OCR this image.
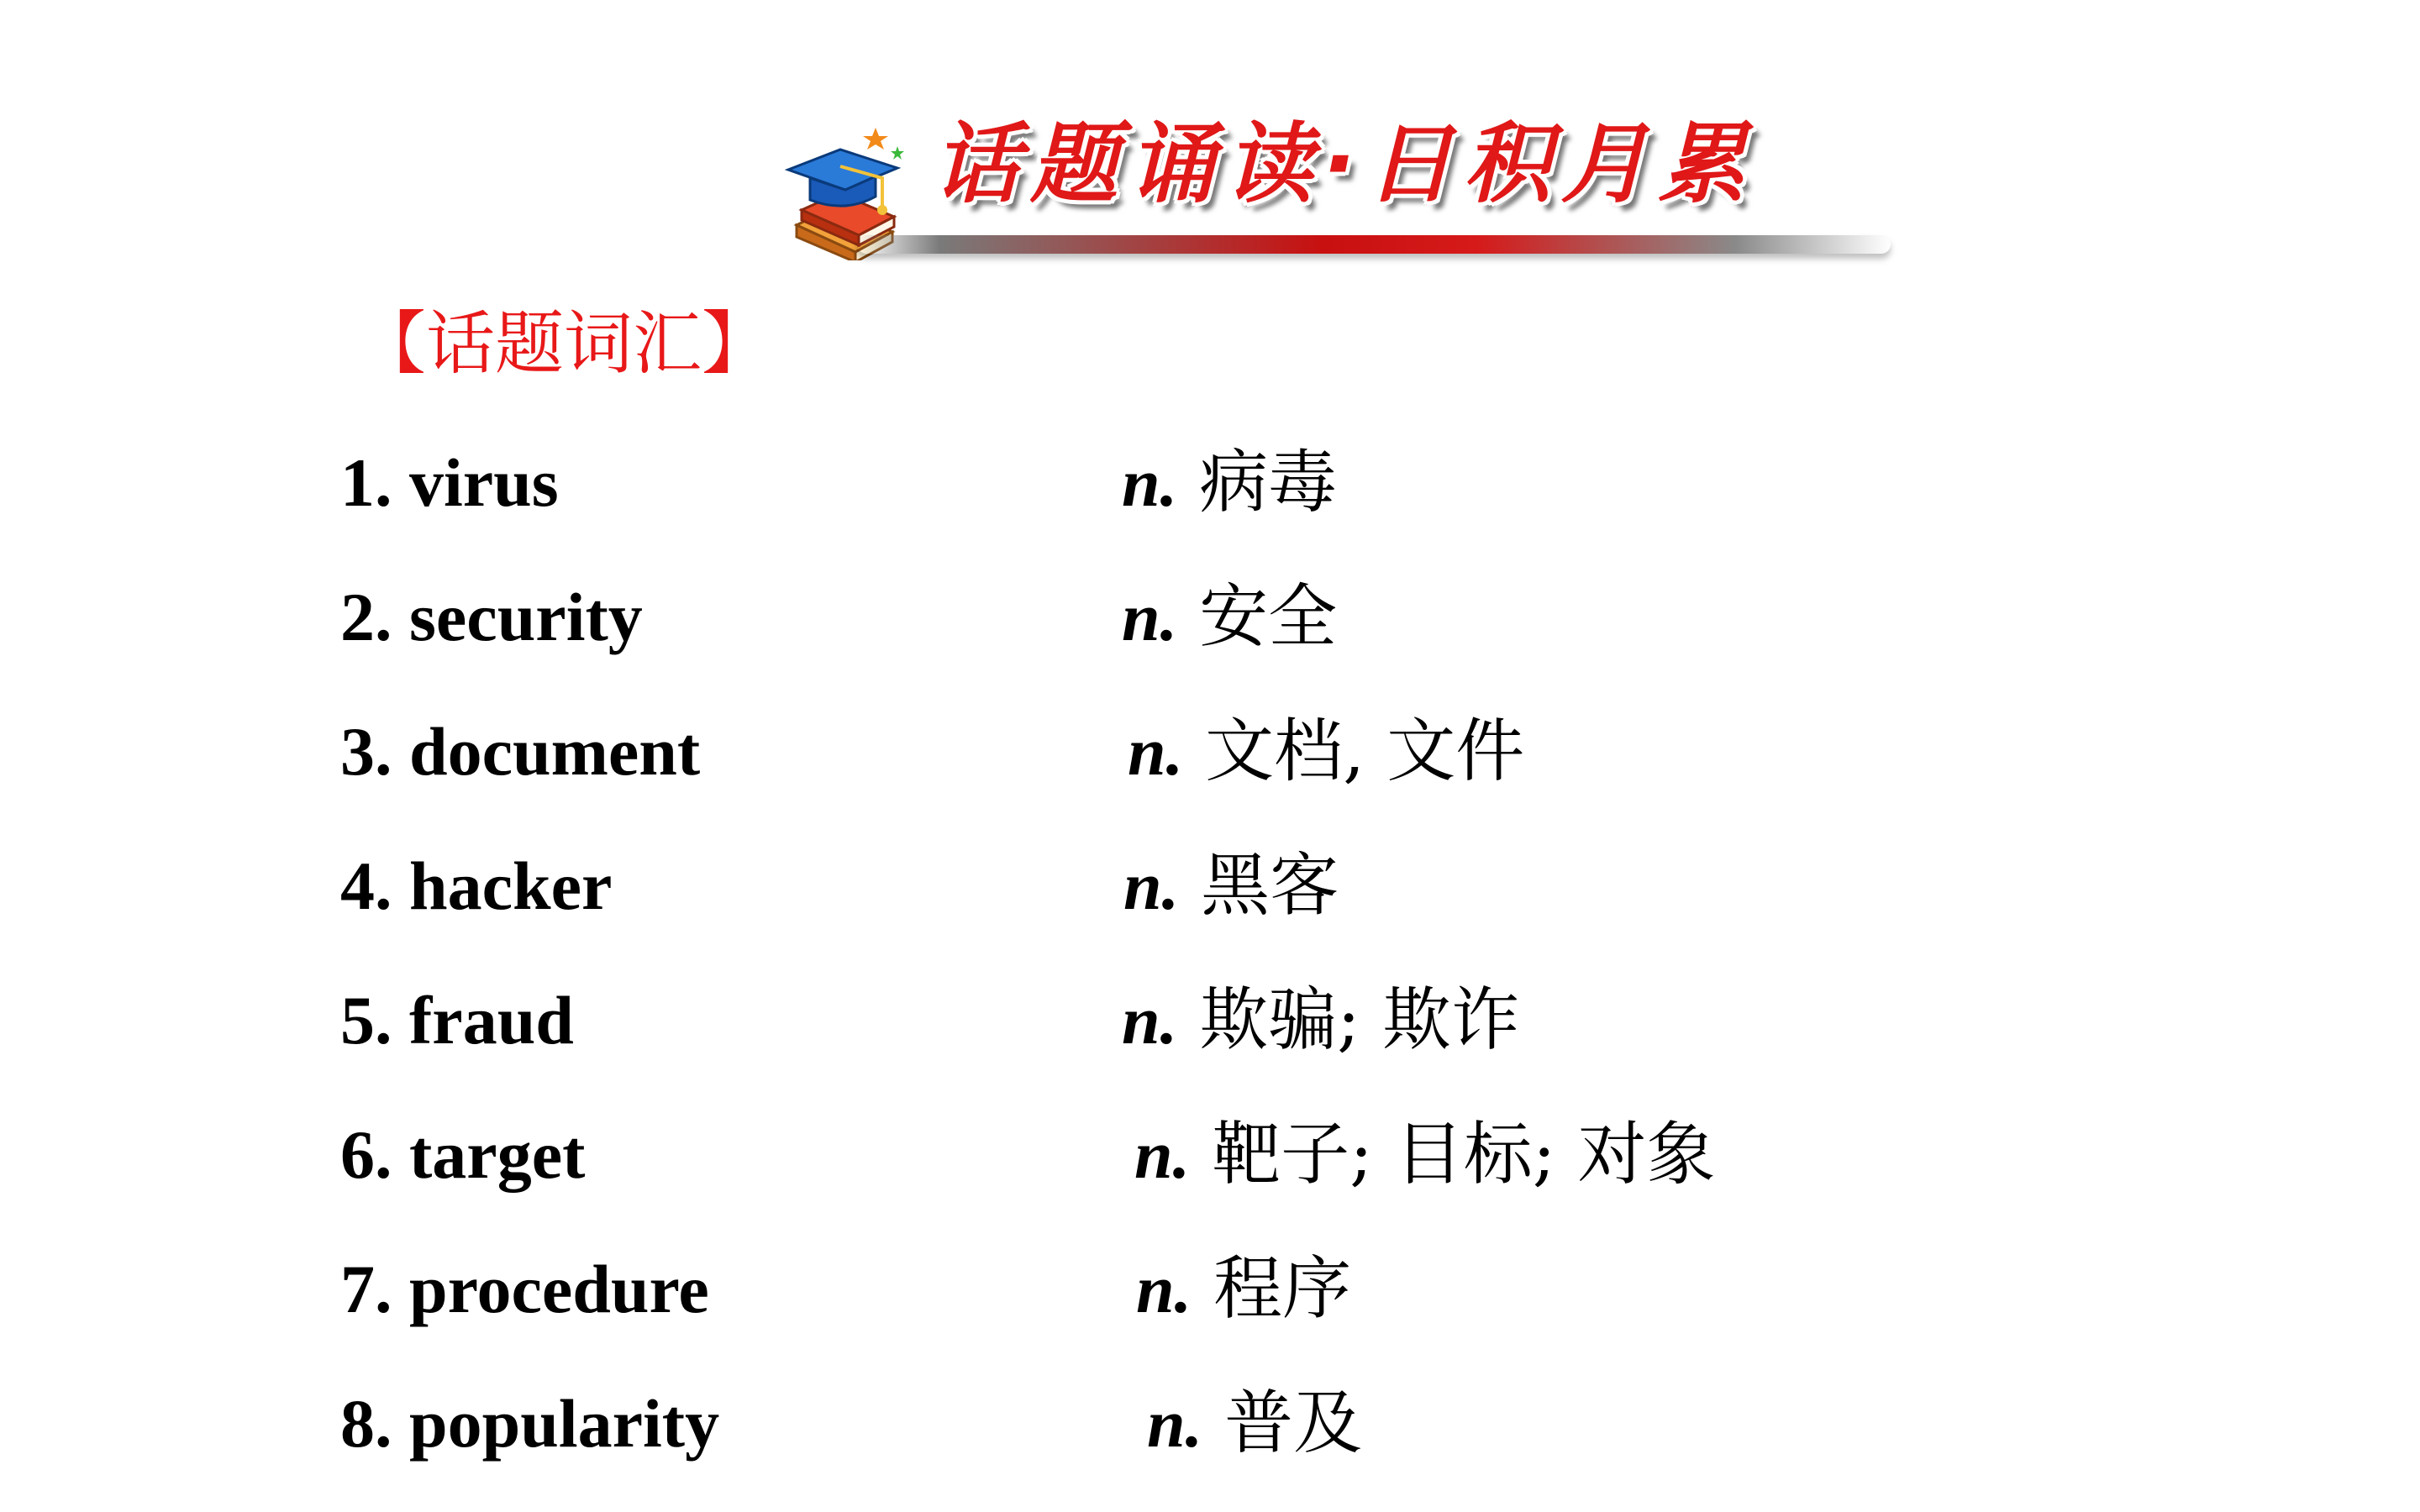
话题诵读·日积月累
【话题词汇】
1. virus	n. 病毒
2. security	n. 安全
3. document	n. 文档, 文件
4. hacker	n. 黑客
5. fraud	n. 欺骗; 欺诈
6. target	n. 靶子; 目标; 对象
7. procedure	n. 程序
8. popularity	n. 普及
